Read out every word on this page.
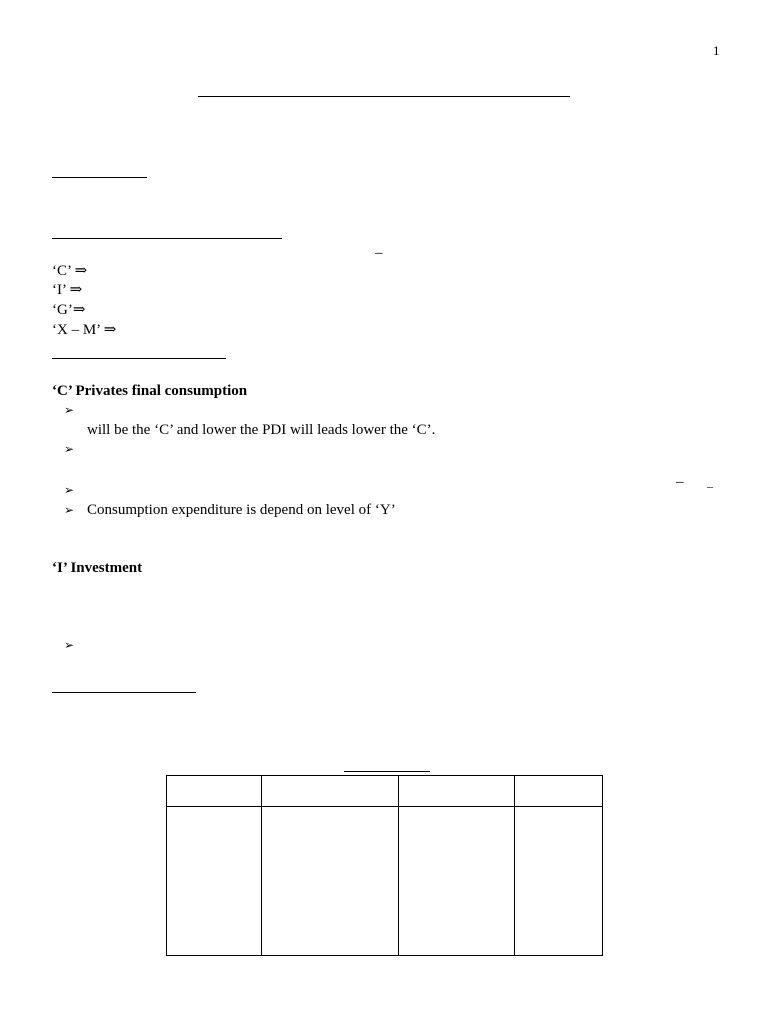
1
–
‘C’ ⇒
‘I’ ⇒
‘G’⇒
‘X – M’ ⇒
‘C’ Privates final consumption
➢
will be the ‘C’ and lower the PDI will leads lower the ‘C’.
➢
➢	– –
➢ Consumption expenditure is depend on level of ‘Y’
‘I’ Investment
➢
